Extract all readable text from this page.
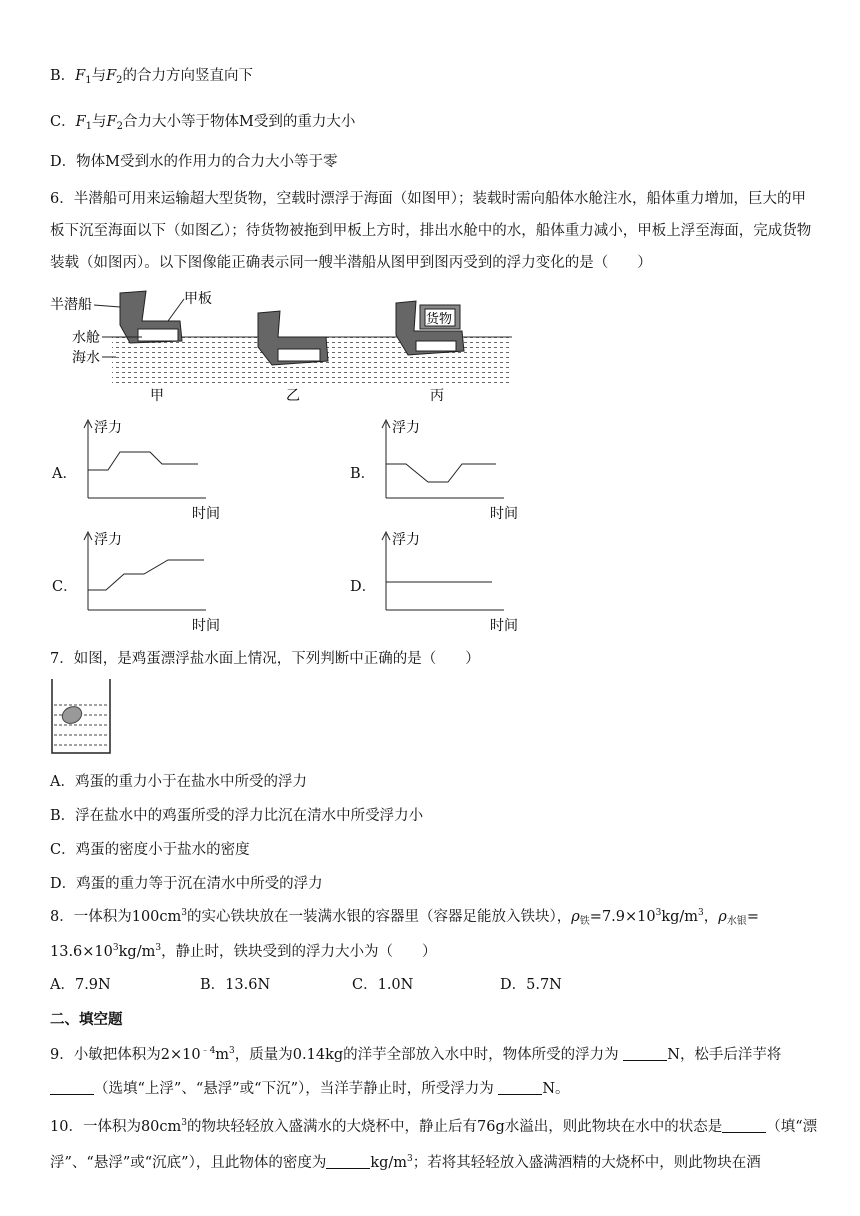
B．$F_1$与$F_2$的合力方向竖直向下
C．$F_1$与$F_2$合力大小等于物体M受到的重力大小
D．物体M受到水的作用力的合力大小等于零
6．半潜船可用来运输超大型货物，空载时漂浮于海面（如图甲）；装载时需向船体水舱注水，船体重力增加，巨大的甲板下沉至海面以下（如图乙）；待货物被拖到甲板上方时，排出水舱中的水，船体重力减小，甲板上浮至海面，完成货物装载（如图丙）。以下图像能正确表示同一艘半潜船从图甲到图丙受到的浮力变化的是（　　）
半潜船	甲板
水舱
海水
货物
甲	乙	丙
A．
浮力
时间
B．
浮力
时间
C．
浮力
时间
D．
浮力
时间
7．如图，是鸡蛋漂浮盐水面上情况，下列判断中正确的是（　　）
A．鸡蛋的重力小于在盐水中所受的浮力
B．浮在盐水中的鸡蛋所受的浮力比沉在清水中所受浮力小
C．鸡蛋的密度小于盐水的密度
D．鸡蛋的重力等于沉在清水中所受的浮力
8．一体积为$100cm^3$的实心铁块放在一装满水银的容器里（容器足能放入铁块），$\rho_铁=7.9\times 10^3kg/m^3$，$\rho_{水银}=$
$13.6\times 10^3kg/m^3$，静止时，铁块受到的浮力大小为（　　）
A．7.9N	B．13.6N	C．1.0N	D．5.7N
二、填空题
9．小敏把体积为$2\times 10^{﹣4}m^3$，质量为0.14kg的洋芋全部放入水中时，物体所受的浮力为	N，松手后洋芋将
（选填“上浮”、“悬浮”或“下沉”），当洋芋静止时，所受浮力为	N。
10．一体积为$80cm^3$的物块轻轻放入盛满水的大烧杯中，静止后有76g水溢出，则此物块在水中的状态是	（填“漂浮”、“悬浮”或“沉底”），且此物体的密度为	$kg/m^3$；若将其轻轻放入盛满酒精的大烧杯中，则此物块在酒
